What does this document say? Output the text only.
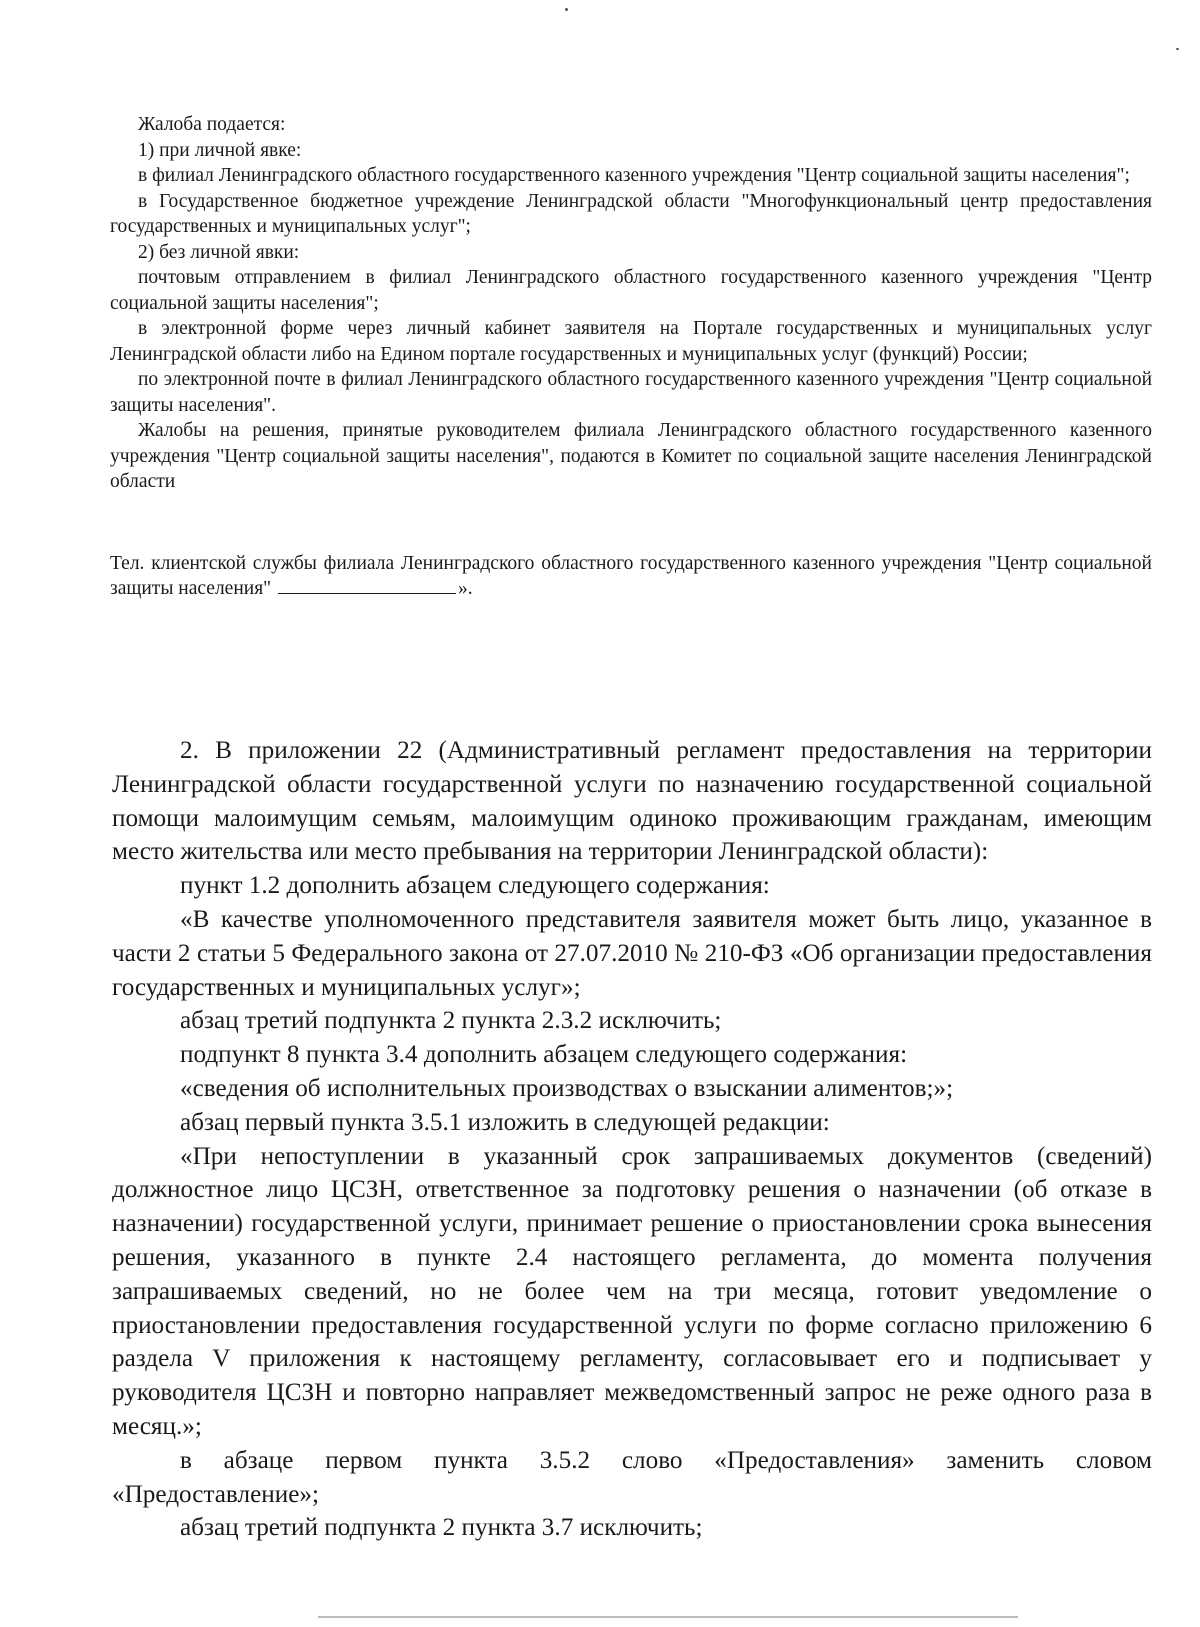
Жалоба подается:

1) при личной явке:

в филиал Ленинградского областного государственного казенного учреждения "Центр социальной защиты населения";

в Государственное бюджетное учреждение Ленинградской области "Многофункциональный центр предоставления государственных и муниципальных услуг";

2) без личной явки:

почтовым отправлением в филиал Ленинградского областного государственного казенного учреждения "Центр социальной защиты населения";

в электронной форме через личный кабинет заявителя на Портале государственных и муниципальных услуг Ленинградской области либо на Едином портале государственных и муниципальных услуг (функций) России;

по электронной почте в филиал Ленинградского областного государственного казенного учреждения "Центр социальной защиты населения".

Жалобы на решения, принятые руководителем филиала Ленинградского областного государственного казенного учреждения "Центр социальной защиты населения", подаются в Комитет по социальной защите населения Ленинградской области

Тел. клиентской службы филиала Ленинградского областного государственного казенного учреждения "Центр социальной защиты населения"	».

2. В приложении 22 (Административный регламент предоставления на территории Ленинградской области государственной услуги по назначению государственной социальной помощи малоимущим семьям, малоимущим одиноко проживающим гражданам, имеющим место жительства или место пребывания на территории Ленинградской области):

пункт 1.2 дополнить абзацем следующего содержания:

«В качестве уполномоченного представителя заявителя может быть лицо, указанное в части 2 статьи 5 Федерального закона от 27.07.2010 № 210-ФЗ «Об организации предоставления государственных и муниципальных услуг»;

абзац третий подпункта 2 пункта 2.3.2 исключить;

подпункт 8 пункта 3.4 дополнить абзацем следующего содержания:

«сведения об исполнительных производствах о взыскании алиментов;»;

абзац первый пункта 3.5.1 изложить в следующей редакции:

«При непоступлении в указанный срок запрашиваемых документов (сведений) должностное лицо ЦСЗН, ответственное за подготовку решения о назначении (об отказе в назначении) государственной услуги, принимает решение о приостановлении срока вынесения решения, указанного в пункте 2.4 настоящего регламента, до момента получения запрашиваемых сведений, но не более чем на три месяца, готовит уведомление о приостановлении предоставления государственной услуги по форме согласно приложению 6 раздела V приложения к настоящему регламенту, согласовывает его и подписывает у руководителя ЦСЗН и повторно направляет межведомственный запрос не реже одного раза в месяц.»;

в абзаце первом пункта 3.5.2 слово «Предоставления» заменить словом «Предоставление»;

абзац третий подпункта 2 пункта 3.7 исключить;
